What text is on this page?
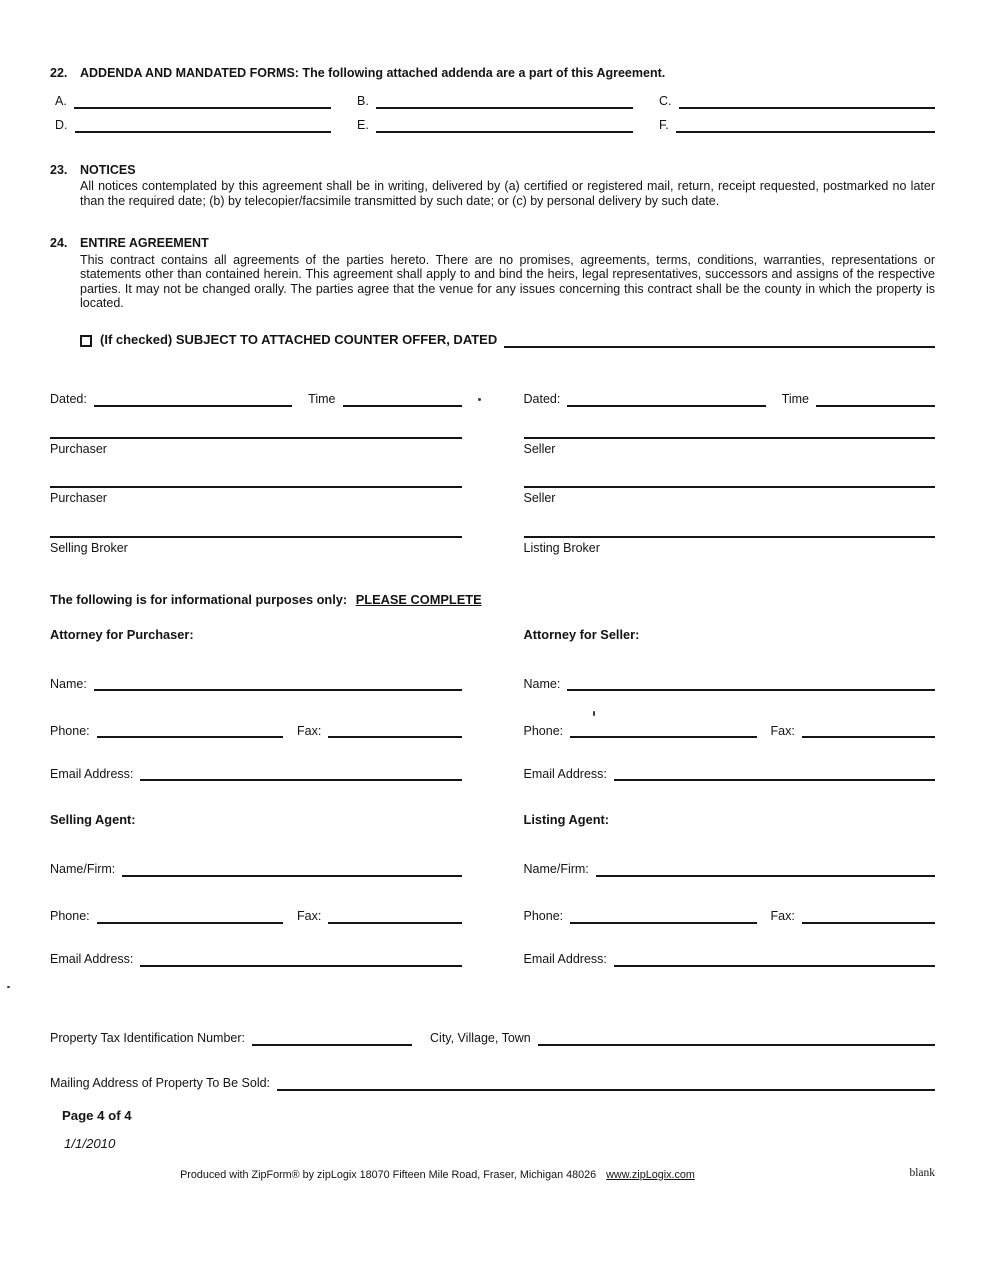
22.	ADDENDA AND MANDATED FORMS: The following attached addenda are a part of this Agreement.
A.	B.	C.
D.	E.	F.
23.	NOTICES
All notices contemplated by this agreement shall be in writing, delivered by (a) certified or registered mail, return, receipt requested, postmarked no later than the required date; (b) by telecopier/facsimile transmitted by such date; or (c) by personal delivery by such date.
24.	ENTIRE AGREEMENT
This contract contains all agreements of the parties hereto. There are no promises, agreements, terms, conditions, warranties, representations or statements other than contained herein. This agreement shall apply to and bind the heirs, legal representatives, successors and assigns of the respective parties. It may not be changed orally. The parties agree that the venue for any issues concerning this contract shall be the county in which the property is located.
(If checked) SUBJECT TO ATTACHED COUNTER OFFER, DATED
Dated:	Time
Purchaser
Purchaser
Selling Broker
Dated:	Time
Seller
Seller
Listing Broker
The following is for informational purposes only: PLEASE COMPLETE
Attorney for Purchaser:
Name:
Phone:	Fax:
Email Address:
Selling Agent:
Name/Firm:
Phone:	Fax:
Email Address:
Attorney for Seller:
Name:
Phone:	Fax:
Email Address:
Listing Agent:
Name/Firm:
Phone:	Fax:
Email Address:
Property Tax Identification Number:	City, Village, Town
Mailing Address of Property To Be Sold:
Page 4 of 4
1/1/2010
Produced with ZipForm® by zipLogix 18070 Fifteen Mile Road, Fraser, Michigan 48026 www.zipLogix.com	blank
